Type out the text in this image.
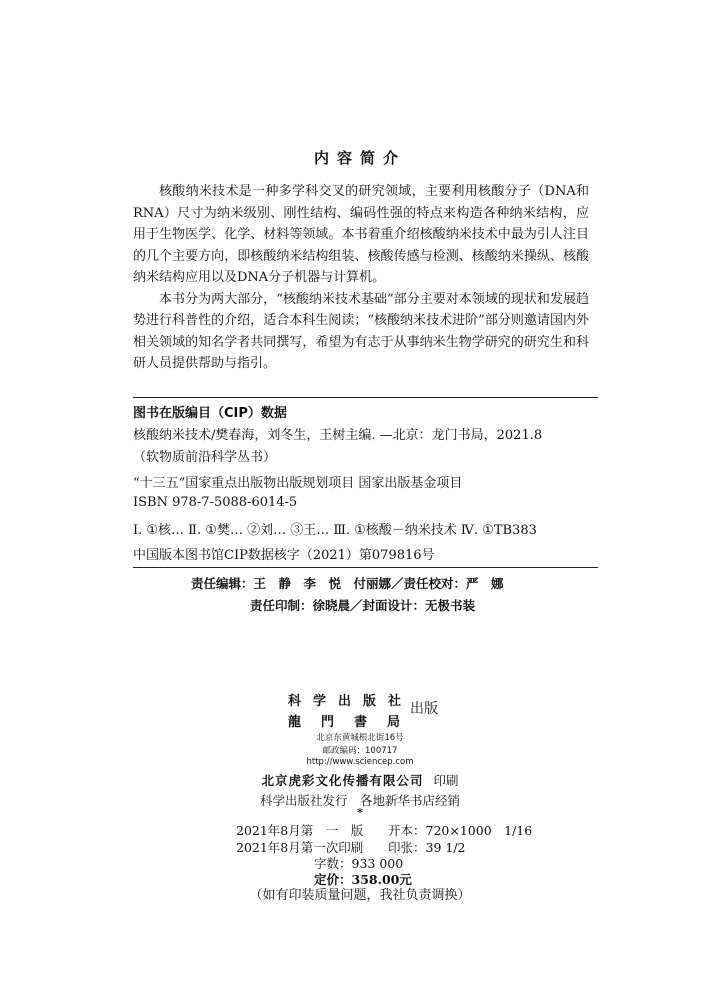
内容简介

核酸纳米技术是一种多学科交叉的研究领域，主要利用核酸分子（DNA和RNA）尺寸为纳米级别、刚性结构、编码性强的特点来构造各种纳米结构，应用于生物医学、化学、材料等领域。本书着重介绍核酸纳米技术中最为引人注目的几个主要方向，即核酸纳米结构组装、核酸传感与检测、核酸纳米操纵、核酸纳米结构应用以及DNA分子机器与计算机。

本书分为两大部分，“核酸纳米技术基础”部分主要对本领域的现状和发展趋势进行科普性的介绍，适合本科生阅读；“核酸纳米技术进阶”部分则邀请国内外相关领域的知名学者共同撰写，希望为有志于从事纳米生物学研究的研究生和科研人员提供帮助与指引。

图书在版编目（CIP）数据
核酸纳米技术/樊春海，刘冬生，王树主编. —北京：龙门书局，2021.8
（软物质前沿科学丛书）
“十三五”国家重点出版物出版规划项目 国家出版基金项目
ISBN 978-7-5088-6014-5
Ⅰ. ①核… Ⅱ. ①樊… ②刘… ③王… Ⅲ. ①核酸－纳米技术 Ⅳ. ①TB383
中国版本图书馆CIP数据核字（2021）第079816号
责任编辑：王　静　李　悦　付丽娜／责任校对：严　娜
责任印制：徐晓晨／封面设计：无极书装
科学出版社
龍門書局
出版
北京东黄城根北街16号
邮政编码：100717
http://www.sciencep.com
北京虎彩文化传播有限公司 印刷
科学出版社发行　各地新华书店经销
*
2021年8月第　一　版 开本：720×1000　1/16
2021年8月第一次印刷 印张：39 1/2
字数：933 000
定价：358.00元
（如有印装质量问题，我社负责调换）
